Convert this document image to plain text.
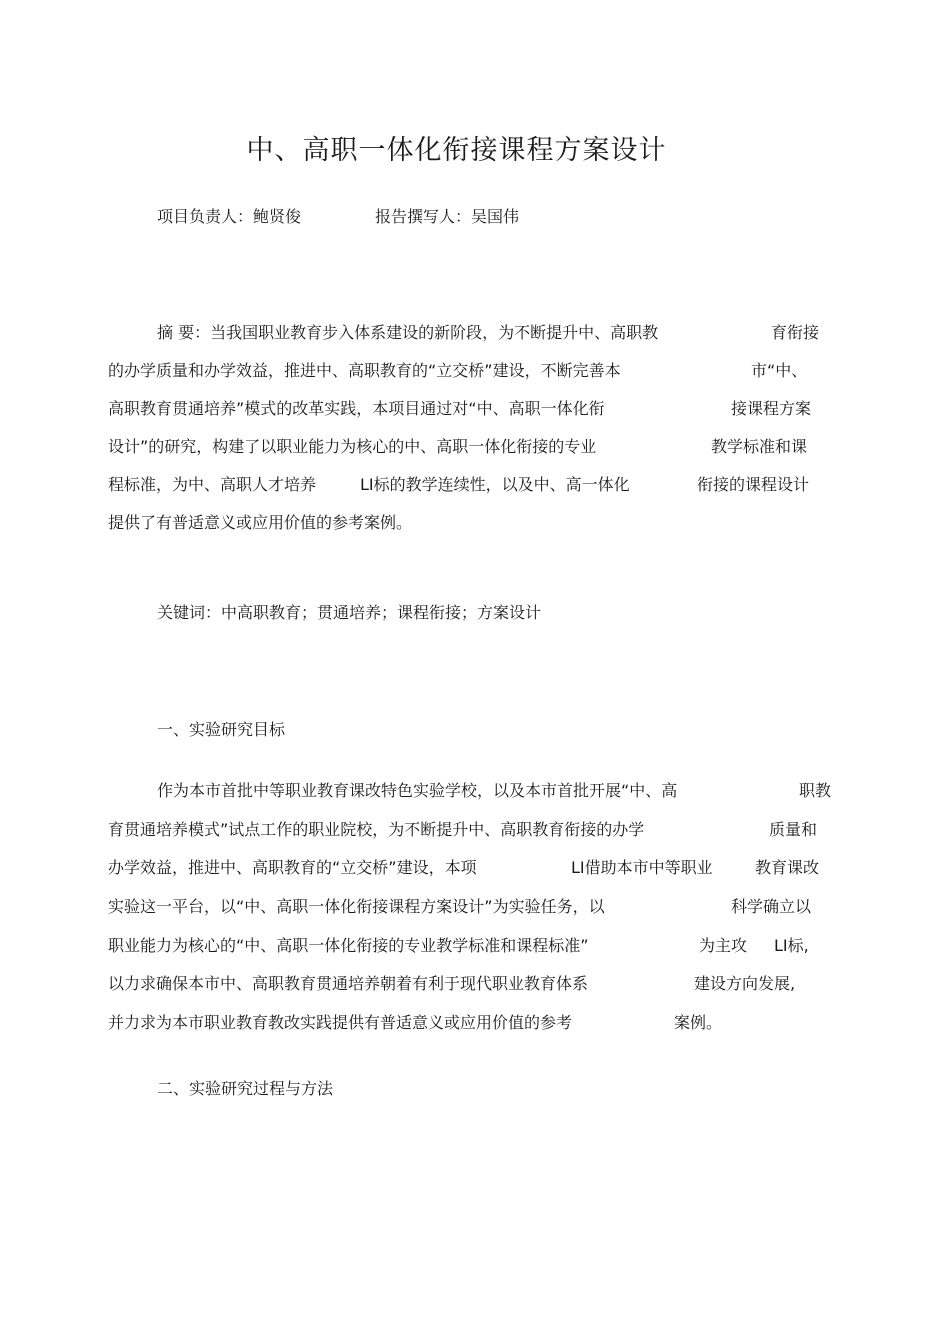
中、高职一体化衔接课程方案设计
项目负责人：鲍贤俊	报告撰写人：吴国伟
摘 要：当我国职业教育步入体系建设的新阶段，为不断提升中、高职教	育衔接
的办学质量和办学效益，推进中、高职教育的“立交桥”建设，不断完善本	市“中、
高职教育贯通培养”模式的改革实践，本项目通过对“中、高职一体化衔	接课程方案
设计”的研究，构建了以职业能力为核心的中、高职一体化衔接的专业	教学标准和课
程标准，为中、高职人才培养	LI标的教学连续性，以及中、高一体化	衔接的课程设计
提供了有普适意义或应用价值的参考案例。
关键词：中高职教育；贯通培养；课程衔接；方案设计
一、实验研究目标
作为本市首批中等职业教育课改特色实验学校，以及本市首批开展“中、高	职教
育贯通培养模式”试点工作的职业院校，为不断提升中、高职教育衔接的办学	质量和
办学效益，推进中、高职教育的“立交桥”建设，本项	LI借助本市中等职业	教育课改
实验这一平台，以“中、高职一体化衔接课程方案设计”为实验任务，以	科学确立以
职业能力为核心的“中、高职一体化衔接的专业教学标准和课程标准”	为主攻 LI标,
以力求确保本市中、高职教育贯通培养朝着有利于现代职业教育体系	建设方向发展,
并力求为本市职业教育教改实践提供有普适意义或应用价值的参考	案例。
二、实验研究过程与方法
